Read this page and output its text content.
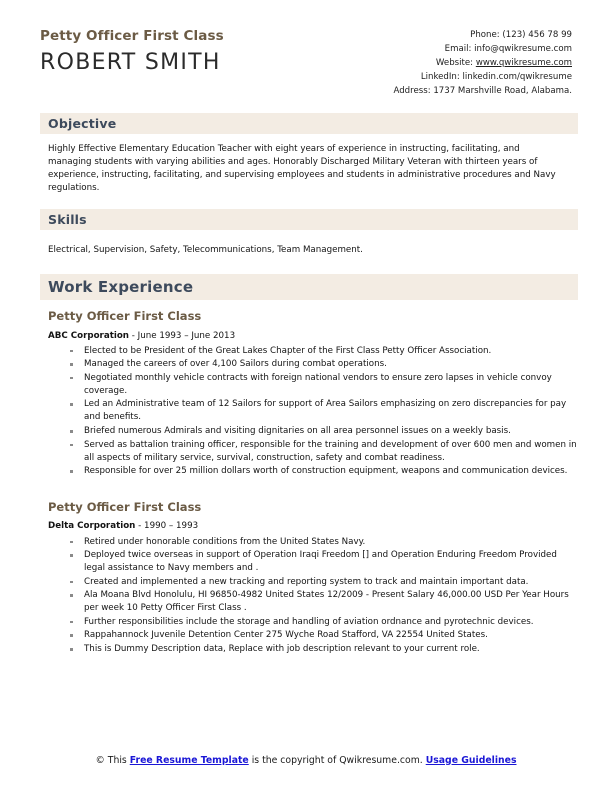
Petty Officer First Class
ROBERT SMITH
Phone: (123) 456 78 99
Email: info@qwikresume.com
Website: www.qwikresume.com
LinkedIn: linkedin.com/qwikresume
Address: 1737 Marshville Road, Alabama.
Objective
Highly Effective Elementary Education Teacher with eight years of experience in instructing, facilitating, and managing students with varying abilities and ages. Honorably Discharged Military Veteran with thirteen years of experience, instructing, facilitating, and supervising employees and students in administrative procedures and Navy regulations.
Skills
Electrical, Supervision, Safety, Telecommunications, Team Management.
Work Experience
Petty Officer First Class
ABC Corporation - June 1993 – June 2013
Elected to be President of the Great Lakes Chapter of the First Class Petty Officer Association.
Managed the careers of over 4,100 Sailors during combat operations.
Negotiated monthly vehicle contracts with foreign national vendors to ensure zero lapses in vehicle convoy coverage.
Led an Administrative team of 12 Sailors for support of Area Sailors emphasizing on zero discrepancies for pay and benefits.
Briefed numerous Admirals and visiting dignitaries on all area personnel issues on a weekly basis.
Served as battalion training officer, responsible for the training and development of over 600 men and women in all aspects of military service, survival, construction, safety and combat readiness.
Responsible for over 25 million dollars worth of construction equipment, weapons and communication devices.
Petty Officer First Class
Delta Corporation - 1990 – 1993
Retired under honorable conditions from the United States Navy.
Deployed twice overseas in support of Operation Iraqi Freedom [] and Operation Enduring Freedom Provided legal assistance to Navy members and .
Created and implemented a new tracking and reporting system to track and maintain important data.
Ala Moana Blvd Honolulu, HI 96850-4982 United States 12/2009 - Present Salary 46,000.00 USD Per Year Hours per week 10 Petty Officer First Class .
Further responsibilities include the storage and handling of aviation ordnance and pyrotechnic devices.
Rappahannock Juvenile Detention Center 275 Wyche Road Stafford, VA 22554 United States.
This is Dummy Description data, Replace with job description relevant to your current role.
© This Free Resume Template is the copyright of Qwikresume.com. Usage Guidelines
